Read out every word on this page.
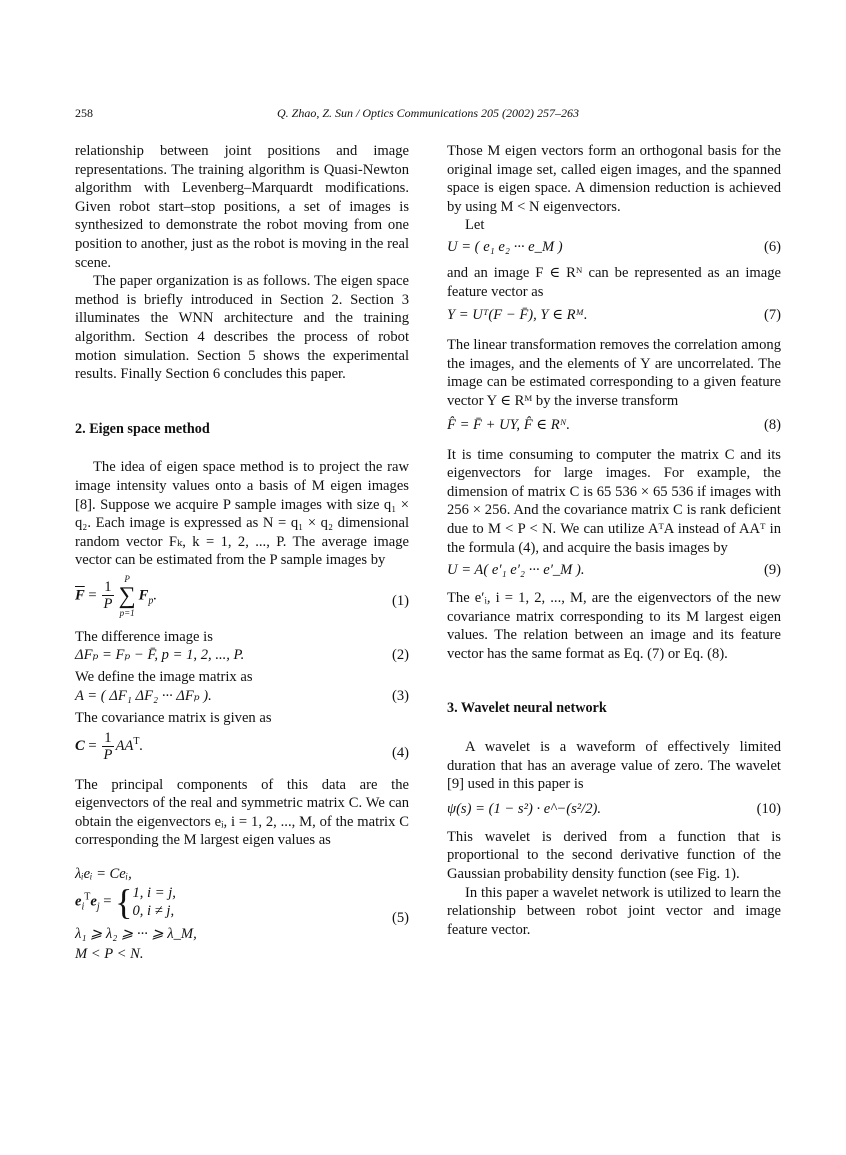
258	Q. Zhao, Z. Sun / Optics Communications 205 (2002) 257–263

relationship between joint positions and image representations. The training algorithm is Quasi-Newton algorithm with Levenberg–Marquardt modifications. Given robot start–stop positions, a set of images is synthesized to demonstrate the robot moving from one position to another, just as the robot is moving in the real scene.

The paper organization is as follows. The eigen space method is briefly introduced in Section 2. Section 3 illuminates the WNN architecture and the training algorithm. Section 4 describes the process of robot motion simulation. Section 5 shows the experimental results. Finally Section 6 concludes this paper.

2. Eigen space method

The idea of eigen space method is to project the raw image intensity values onto a basis of M eigen images [8]. Suppose we acquire P sample images with size q₁ × q₂. Each image is expressed as N = q₁ × q₂ dimensional random vector Fₖ, k = 1, 2, ..., P. The average image vector can be estimated from the P sample images by

$\overline{F} = \frac{1}{P}$
P
∑
p=1
$F_p$.	(1)

The difference image is

ΔFₚ = Fₚ − F̄, p = 1, 2, ..., P.	(2)

We define the image matrix as

A = ( ΔF₁ ΔF₂ ··· ΔFₚ ).	(3)

The covariance matrix is given as

$C = \frac{1}{P} AA^T$.	(4)

The principal components of this data are the eigenvectors of the real and symmetric matrix C. We can obtain the eigenvectors eᵢ, i = 1, 2, ..., M, of the matrix C corresponding the M largest eigen values as

λᵢeᵢ = Ceᵢ,
$e_i^Te_j$ = { 1, i = j,
0, i ≠ j,
λ₁ ⩾ λ₂ ⩾ ··· ⩾ λ_M,
M < P < N.
(5)

Those M eigen vectors form an orthogonal basis for the original image set, called eigen images, and the spanned space is eigen space. A dimension reduction is achieved by using M < N eigenvectors.

Let

U = ( e₁ e₂ ··· e_M )	(6)

and an image F ∈ Rᴺ can be represented as an image feature vector as

Y = Uᵀ(F − F̄), Y ∈ Rᴹ.	(7)

The linear transformation removes the correlation among the images, and the elements of Y are uncorrelated. The image can be estimated corresponding to a given feature vector Y ∈ Rᴹ by the inverse transform

F̂ = F̄ + UY, F̂ ∈ Rᴺ.	(8)

It is time consuming to computer the matrix C and its eigenvectors for large images. For example, the dimension of matrix C is 65 536 × 65 536 if images with 256 × 256. And the covariance matrix C is rank deficient due to M < P < N. We can utilize AᵀA instead of AAᵀ in the formula (4), and acquire the basis images by

U = A( e′₁ e′₂ ··· e′_M ).	(9)

The e′ᵢ, i = 1, 2, ..., M, are the eigenvectors of the new covariance matrix corresponding to its M largest eigen values. The relation between an image and its feature vector has the same format as Eq. (7) or Eq. (8).

3. Wavelet neural network

A wavelet is a waveform of effectively limited duration that has an average value of zero. The wavelet [9] used in this paper is

ψ(s) = (1 − s²) · e^−(s²/2).	(10)

This wavelet is derived from a function that is proportional to the second derivative function of the Gaussian probability density function (see Fig. 1).

In this paper a wavelet network is utilized to learn the relationship between robot joint vector and image feature vector.
